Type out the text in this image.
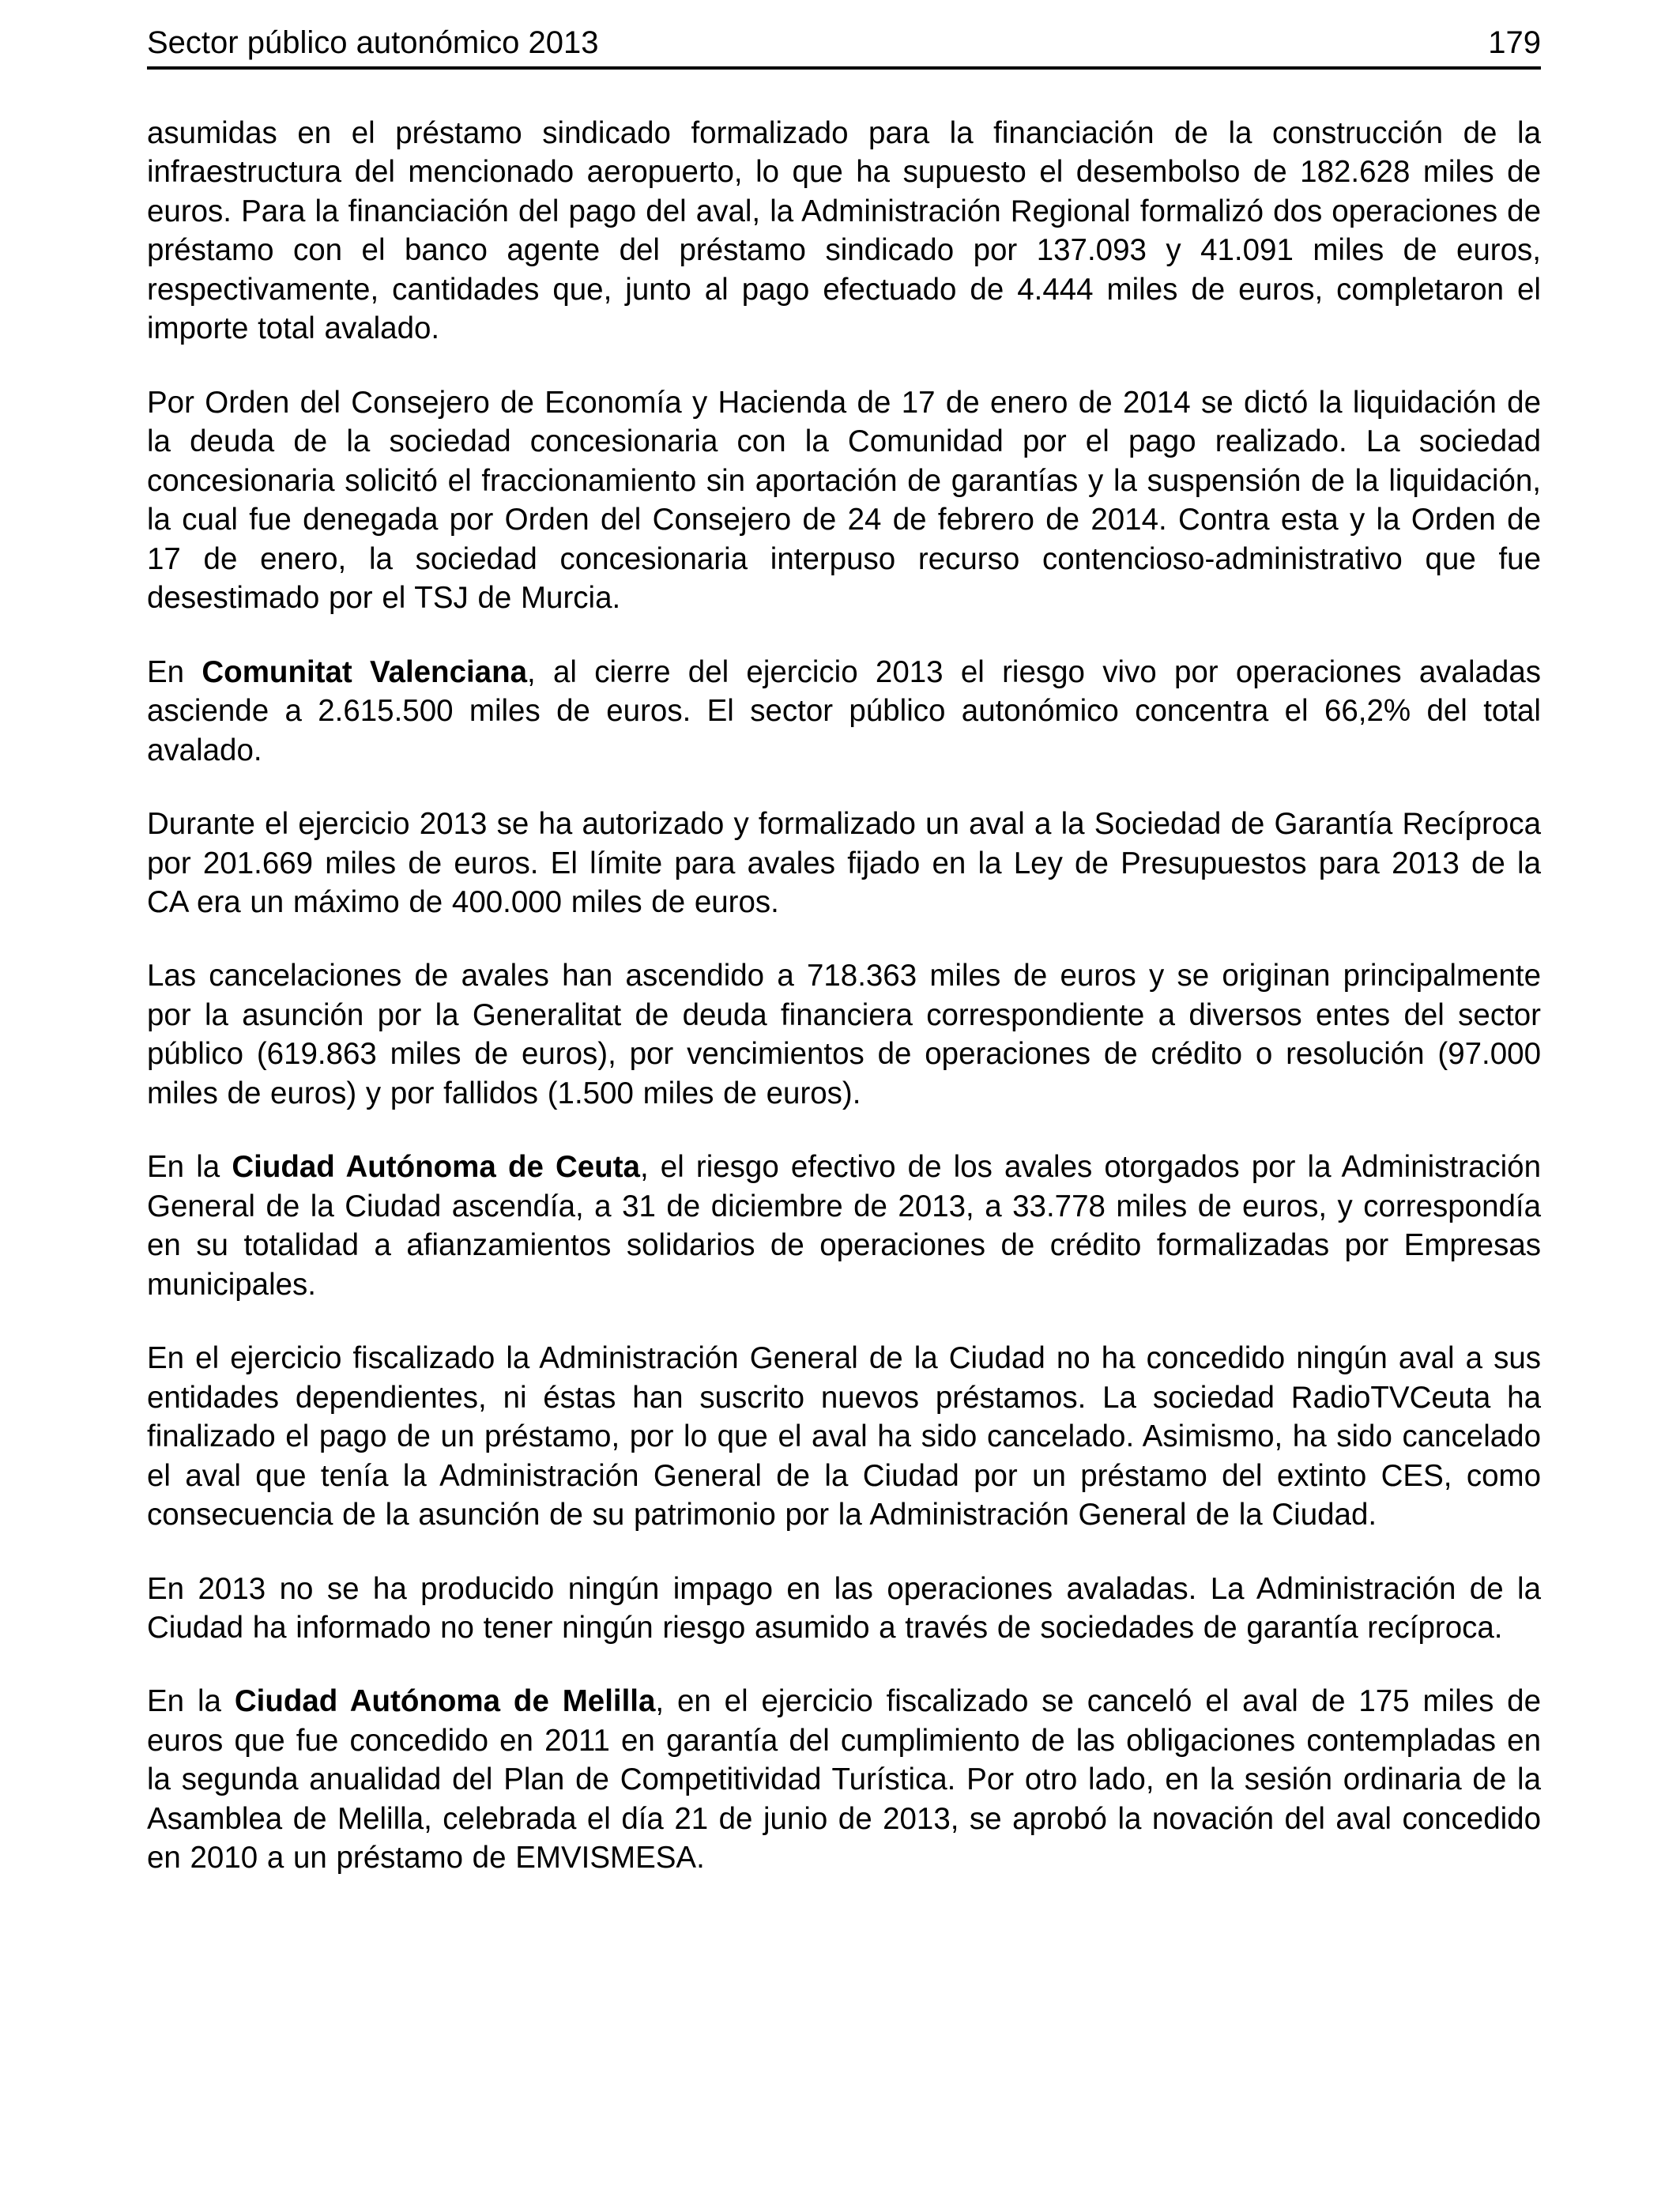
Sector público autonómico 2013	179

asumidas en el préstamo sindicado formalizado para la financiación de la construcción de la infraestructura del mencionado aeropuerto, lo que ha supuesto el desembolso de 182.628 miles de euros. Para la financiación del pago del aval, la Administración Regional formalizó dos operaciones de préstamo con el banco agente del préstamo sindicado por 137.093 y 41.091 miles de euros, respectivamente, cantidades que, junto al pago efectuado de 4.444 miles de euros, completaron el importe total avalado.

Por Orden del Consejero de Economía y Hacienda de 17 de enero de 2014 se dictó la liquidación de la deuda de la sociedad concesionaria con la Comunidad por el pago realizado. La sociedad concesionaria solicitó el fraccionamiento sin aportación de garantías y la suspensión de la liquidación, la cual fue denegada por Orden del Consejero de 24 de febrero de 2014. Contra esta y la Orden de 17 de enero, la sociedad concesionaria interpuso recurso contencioso-administrativo que fue desestimado por el TSJ de Murcia.

En Comunitat Valenciana, al cierre del ejercicio 2013 el riesgo vivo por operaciones avaladas asciende a 2.615.500 miles de euros. El sector público autonómico concentra el 66,2% del total avalado.

Durante el ejercicio 2013 se ha autorizado y formalizado un aval a la Sociedad de Garantía Recíproca por 201.669 miles de euros. El límite para avales fijado en la Ley de Presupuestos para 2013 de la CA era un máximo de 400.000 miles de euros.

Las cancelaciones de avales han ascendido a 718.363 miles de euros y se originan principalmente por la asunción por la Generalitat de deuda financiera correspondiente a diversos entes del sector público (619.863 miles de euros), por vencimientos de operaciones de crédito o resolución (97.000 miles de euros) y por fallidos (1.500 miles de euros).

En la Ciudad Autónoma de Ceuta, el riesgo efectivo de los avales otorgados por la Administración General de la Ciudad ascendía, a 31 de diciembre de 2013, a 33.778 miles de euros, y correspondía en su totalidad a afianzamientos solidarios de operaciones de crédito formalizadas por Empresas municipales.

En el ejercicio fiscalizado la Administración General de la Ciudad no ha concedido ningún aval a sus entidades dependientes, ni éstas han suscrito nuevos préstamos. La sociedad RadioTVCeuta ha finalizado el pago de un préstamo, por lo que el aval ha sido cancelado. Asimismo, ha sido cancelado el aval que tenía la Administración General de la Ciudad por un préstamo del extinto CES, como consecuencia de la asunción de su patrimonio por la Administración General de la Ciudad.

En 2013 no se ha producido ningún impago en las operaciones avaladas. La Administración de la Ciudad ha informado no tener ningún riesgo asumido a través de sociedades de garantía recíproca.

En la Ciudad Autónoma de Melilla, en el ejercicio fiscalizado se canceló el aval de 175 miles de euros que fue concedido en 2011 en garantía del cumplimiento de las obligaciones contempladas en la segunda anualidad del Plan de Competitividad Turística. Por otro lado, en la sesión ordinaria de la Asamblea de Melilla, celebrada el día 21 de junio de 2013, se aprobó la novación del aval concedido en 2010 a un préstamo de EMVISMESA.
